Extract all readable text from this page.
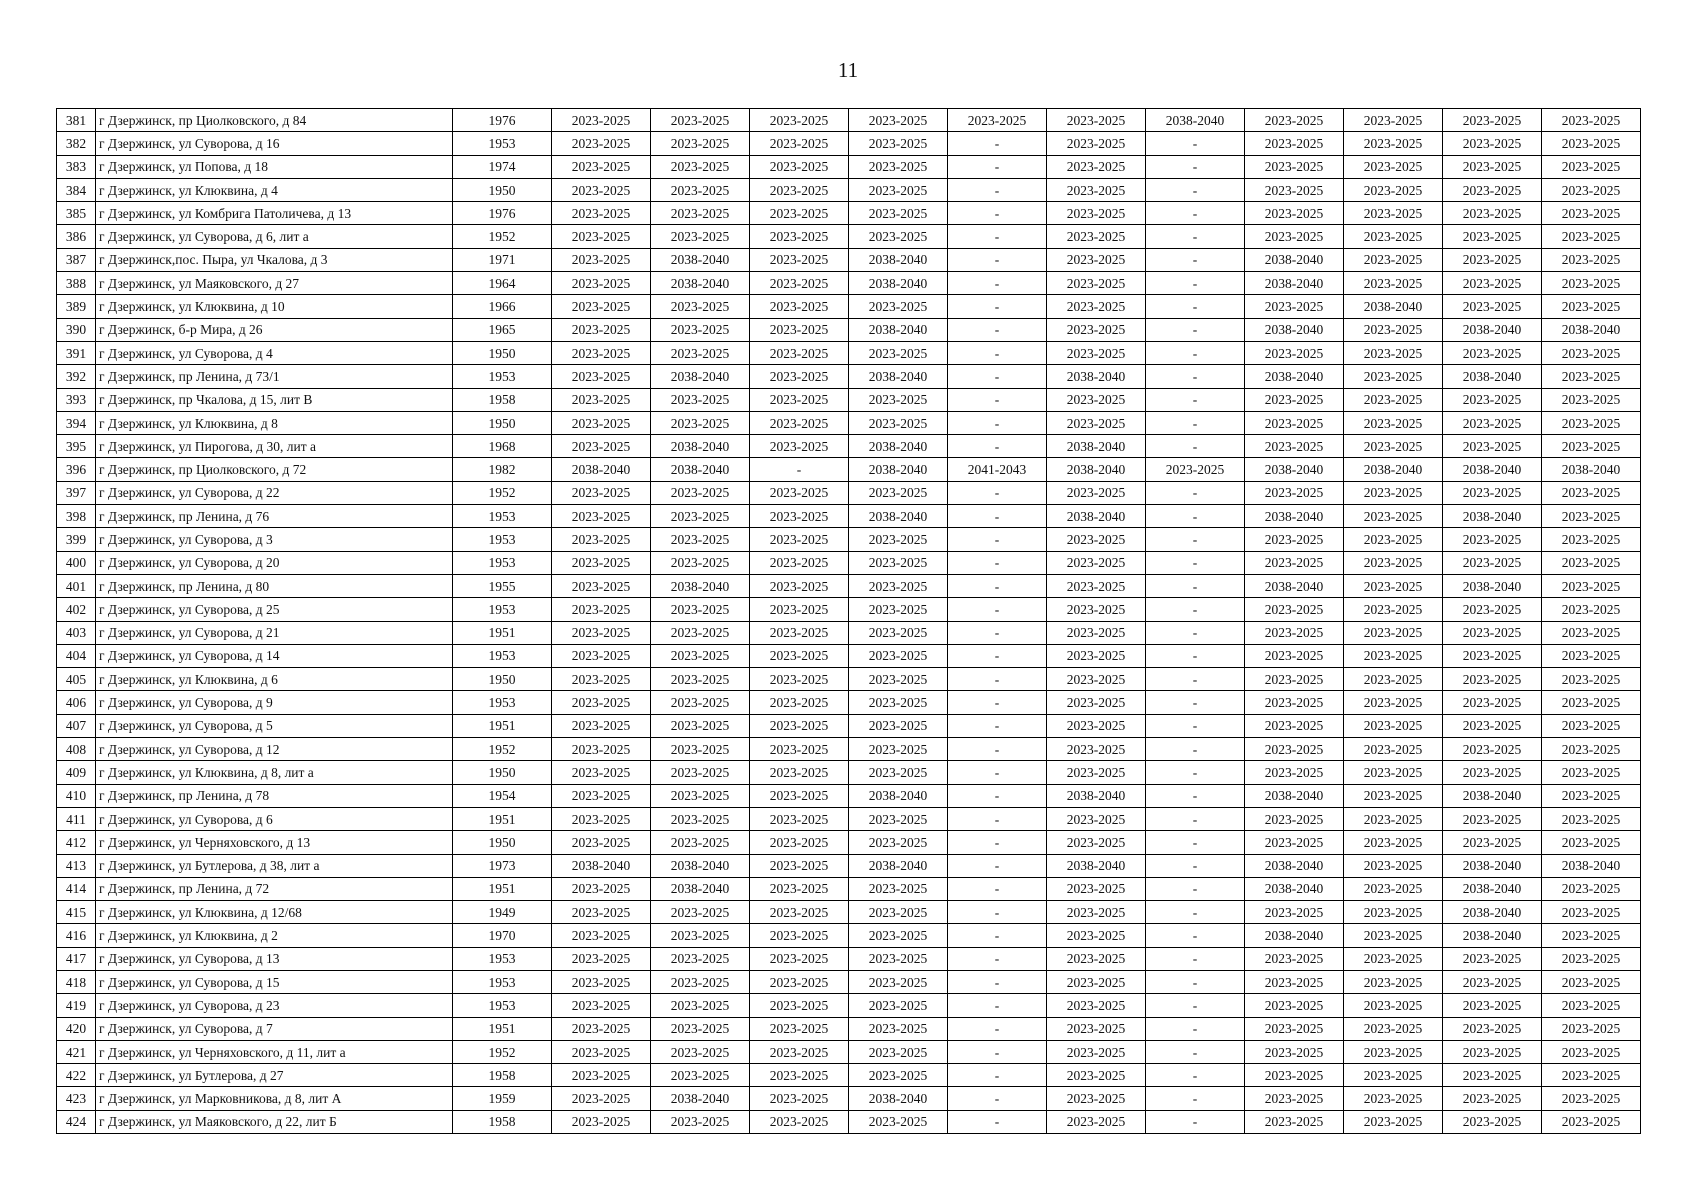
11
381	г Дзержинск, пр Циолковского, д 84	1976	2023-2025	2023-2025	2023-2025	2023-2025	2023-2025	2023-2025	2038-2040	2023-2025	2023-2025	2023-2025	2023-2025
382	г Дзержинск, ул Суворова, д 16	1953	2023-2025	2023-2025	2023-2025	2023-2025	-	2023-2025	-	2023-2025	2023-2025	2023-2025	2023-2025
383	г Дзержинск, ул Попова, д 18	1974	2023-2025	2023-2025	2023-2025	2023-2025	-	2023-2025	-	2023-2025	2023-2025	2023-2025	2023-2025
384	г Дзержинск, ул Клюквина, д 4	1950	2023-2025	2023-2025	2023-2025	2023-2025	-	2023-2025	-	2023-2025	2023-2025	2023-2025	2023-2025
385	г Дзержинск, ул Комбрига Патоличева, д 13	1976	2023-2025	2023-2025	2023-2025	2023-2025	-	2023-2025	-	2023-2025	2023-2025	2023-2025	2023-2025
386	г Дзержинск, ул Суворова, д 6, лит а	1952	2023-2025	2023-2025	2023-2025	2023-2025	-	2023-2025	-	2023-2025	2023-2025	2023-2025	2023-2025
387	г Дзержинск,пос. Пыра, ул Чкалова, д 3	1971	2023-2025	2038-2040	2023-2025	2038-2040	-	2023-2025	-	2038-2040	2023-2025	2023-2025	2023-2025
388	г Дзержинск, ул Маяковского, д 27	1964	2023-2025	2038-2040	2023-2025	2038-2040	-	2023-2025	-	2038-2040	2023-2025	2023-2025	2023-2025
389	г Дзержинск, ул Клюквина, д 10	1966	2023-2025	2023-2025	2023-2025	2023-2025	-	2023-2025	-	2023-2025	2038-2040	2023-2025	2023-2025
390	г Дзержинск, б-р Мира, д 26	1965	2023-2025	2023-2025	2023-2025	2038-2040	-	2023-2025	-	2038-2040	2023-2025	2038-2040	2038-2040
391	г Дзержинск, ул Суворова, д 4	1950	2023-2025	2023-2025	2023-2025	2023-2025	-	2023-2025	-	2023-2025	2023-2025	2023-2025	2023-2025
392	г Дзержинск, пр Ленина, д 73/1	1953	2023-2025	2038-2040	2023-2025	2038-2040	-	2038-2040	-	2038-2040	2023-2025	2038-2040	2023-2025
393	г Дзержинск, пр Чкалова, д 15, лит В	1958	2023-2025	2023-2025	2023-2025	2023-2025	-	2023-2025	-	2023-2025	2023-2025	2023-2025	2023-2025
394	г Дзержинск, ул Клюквина, д 8	1950	2023-2025	2023-2025	2023-2025	2023-2025	-	2023-2025	-	2023-2025	2023-2025	2023-2025	2023-2025
395	г Дзержинск, ул Пирогова, д 30, лит а	1968	2023-2025	2038-2040	2023-2025	2038-2040	-	2038-2040	-	2023-2025	2023-2025	2023-2025	2023-2025
396	г Дзержинск, пр Циолковского, д 72	1982	2038-2040	2038-2040	-	2038-2040	2041-2043	2038-2040	2023-2025	2038-2040	2038-2040	2038-2040	2038-2040
397	г Дзержинск, ул Суворова, д 22	1952	2023-2025	2023-2025	2023-2025	2023-2025	-	2023-2025	-	2023-2025	2023-2025	2023-2025	2023-2025
398	г Дзержинск, пр Ленина, д 76	1953	2023-2025	2023-2025	2023-2025	2038-2040	-	2038-2040	-	2038-2040	2023-2025	2038-2040	2023-2025
399	г Дзержинск, ул Суворова, д 3	1953	2023-2025	2023-2025	2023-2025	2023-2025	-	2023-2025	-	2023-2025	2023-2025	2023-2025	2023-2025
400	г Дзержинск, ул Суворова, д 20	1953	2023-2025	2023-2025	2023-2025	2023-2025	-	2023-2025	-	2023-2025	2023-2025	2023-2025	2023-2025
401	г Дзержинск, пр Ленина, д 80	1955	2023-2025	2038-2040	2023-2025	2023-2025	-	2023-2025	-	2038-2040	2023-2025	2038-2040	2023-2025
402	г Дзержинск, ул Суворова, д 25	1953	2023-2025	2023-2025	2023-2025	2023-2025	-	2023-2025	-	2023-2025	2023-2025	2023-2025	2023-2025
403	г Дзержинск, ул Суворова, д 21	1951	2023-2025	2023-2025	2023-2025	2023-2025	-	2023-2025	-	2023-2025	2023-2025	2023-2025	2023-2025
404	г Дзержинск, ул Суворова, д 14	1953	2023-2025	2023-2025	2023-2025	2023-2025	-	2023-2025	-	2023-2025	2023-2025	2023-2025	2023-2025
405	г Дзержинск, ул Клюквина, д 6	1950	2023-2025	2023-2025	2023-2025	2023-2025	-	2023-2025	-	2023-2025	2023-2025	2023-2025	2023-2025
406	г Дзержинск, ул Суворова, д 9	1953	2023-2025	2023-2025	2023-2025	2023-2025	-	2023-2025	-	2023-2025	2023-2025	2023-2025	2023-2025
407	г Дзержинск, ул Суворова, д 5	1951	2023-2025	2023-2025	2023-2025	2023-2025	-	2023-2025	-	2023-2025	2023-2025	2023-2025	2023-2025
408	г Дзержинск, ул Суворова, д 12	1952	2023-2025	2023-2025	2023-2025	2023-2025	-	2023-2025	-	2023-2025	2023-2025	2023-2025	2023-2025
409	г Дзержинск, ул Клюквина, д 8, лит а	1950	2023-2025	2023-2025	2023-2025	2023-2025	-	2023-2025	-	2023-2025	2023-2025	2023-2025	2023-2025
410	г Дзержинск, пр Ленина, д 78	1954	2023-2025	2023-2025	2023-2025	2038-2040	-	2038-2040	-	2038-2040	2023-2025	2038-2040	2023-2025
411	г Дзержинск, ул Суворова, д 6	1951	2023-2025	2023-2025	2023-2025	2023-2025	-	2023-2025	-	2023-2025	2023-2025	2023-2025	2023-2025
412	г Дзержинск, ул Черняховского, д 13	1950	2023-2025	2023-2025	2023-2025	2023-2025	-	2023-2025	-	2023-2025	2023-2025	2023-2025	2023-2025
413	г Дзержинск, ул Бутлерова, д 38, лит а	1973	2038-2040	2038-2040	2023-2025	2038-2040	-	2038-2040	-	2038-2040	2023-2025	2038-2040	2038-2040
414	г Дзержинск, пр Ленина, д 72	1951	2023-2025	2038-2040	2023-2025	2023-2025	-	2023-2025	-	2038-2040	2023-2025	2038-2040	2023-2025
415	г Дзержинск, ул Клюквина, д 12/68	1949	2023-2025	2023-2025	2023-2025	2023-2025	-	2023-2025	-	2023-2025	2023-2025	2038-2040	2023-2025
416	г Дзержинск, ул Клюквина, д 2	1970	2023-2025	2023-2025	2023-2025	2023-2025	-	2023-2025	-	2038-2040	2023-2025	2038-2040	2023-2025
417	г Дзержинск, ул Суворова, д 13	1953	2023-2025	2023-2025	2023-2025	2023-2025	-	2023-2025	-	2023-2025	2023-2025	2023-2025	2023-2025
418	г Дзержинск, ул Суворова, д 15	1953	2023-2025	2023-2025	2023-2025	2023-2025	-	2023-2025	-	2023-2025	2023-2025	2023-2025	2023-2025
419	г Дзержинск, ул Суворова, д 23	1953	2023-2025	2023-2025	2023-2025	2023-2025	-	2023-2025	-	2023-2025	2023-2025	2023-2025	2023-2025
420	г Дзержинск, ул Суворова, д 7	1951	2023-2025	2023-2025	2023-2025	2023-2025	-	2023-2025	-	2023-2025	2023-2025	2023-2025	2023-2025
421	г Дзержинск, ул Черняховского, д 11, лит а	1952	2023-2025	2023-2025	2023-2025	2023-2025	-	2023-2025	-	2023-2025	2023-2025	2023-2025	2023-2025
422	г Дзержинск, ул Бутлерова, д 27	1958	2023-2025	2023-2025	2023-2025	2023-2025	-	2023-2025	-	2023-2025	2023-2025	2023-2025	2023-2025
423	г Дзержинск, ул Марковникова, д 8, лит А	1959	2023-2025	2038-2040	2023-2025	2038-2040	-	2023-2025	-	2023-2025	2023-2025	2023-2025	2023-2025
424	г Дзержинск, ул Маяковского, д 22, лит Б	1958	2023-2025	2023-2025	2023-2025	2023-2025	-	2023-2025	-	2023-2025	2023-2025	2023-2025	2023-2025
